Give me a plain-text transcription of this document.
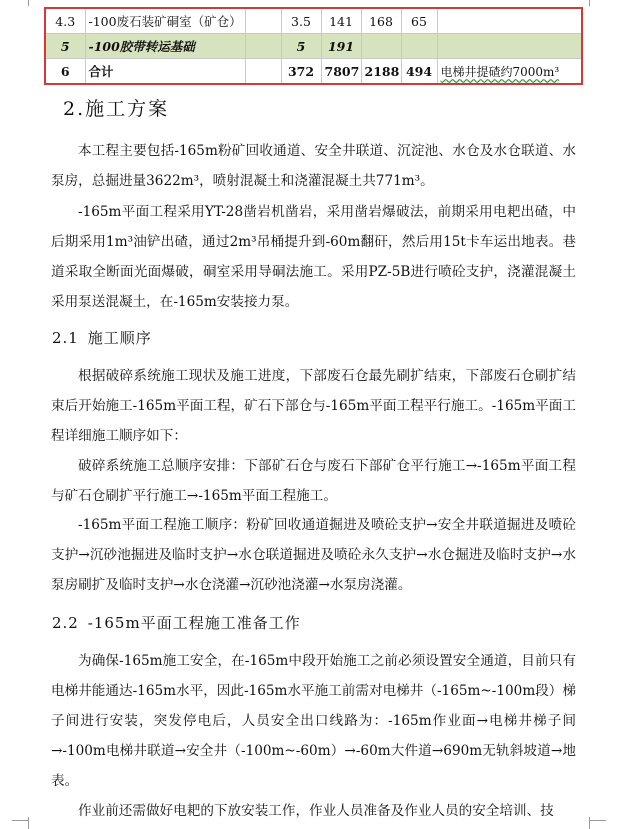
4.3	-100废石装矿硐室（矿仓）		3.5	141	168	65	
5	-100胶带转运基础		5	191			
6	合计		372	7807	2188	494	电梯井提碴约7000m³
2.施工方案
本工程主要包括-165m粉矿回收通道、安全井联道、沉淀池、水仓及水仓联道、水泵房，总掘进量3622m³，喷射混凝土和浇灌混凝土共771m³。
-165m平面工程采用YT-28凿岩机凿岩，采用凿岩爆破法，前期采用电耙出碴，中后期采用1m³油铲出碴，通过2m³吊桶提升到-60m翻矸，然后用15t卡车运出地表。巷道采取全断面光面爆破，硐室采用导硐法施工。采用PZ-5B进行喷砼支护，浇灌混凝土采用泵送混凝土，在-165m安装接力泵。
2.1 施工顺序
根据破碎系统施工现状及施工进度，下部废石仓最先刷扩结束，下部废石仓刷扩结束后开始施工-165m平面工程，矿石下部仓与-165m平面工程平行施工。-165m平面工程详细施工顺序如下：
破碎系统施工总顺序安排：下部矿石仓与废石下部矿仓平行施工→-165m平面工程与矿石仓刷扩平行施工→-165m平面工程施工。
-165m平面工程施工顺序：粉矿回收通道掘进及喷砼支护→安全井联道掘进及喷砼支护→沉砂池掘进及临时支护→水仓联道掘进及喷砼永久支护→水仓掘进及临时支护→水泵房刷扩及临时支护→水仓浇灌→沉砂池浇灌→水泵房浇灌。
2.2 -165m平面工程施工准备工作
为确保-165m施工安全，在-165m中段开始施工之前必须设置安全通道，目前只有电梯井能通达-165m水平，因此-165m水平施工前需对电梯井（-165m~-100m段）梯子间进行安装，突发停电后，人员安全出口线路为：-165m作业面→电梯井梯子间→-100m电梯井联道→安全井（-100m~-60m）→-60m大件道→690m无轨斜坡道→地表。
作业前还需做好电耙的下放安装工作，作业人员准备及作业人员的安全培训、技
